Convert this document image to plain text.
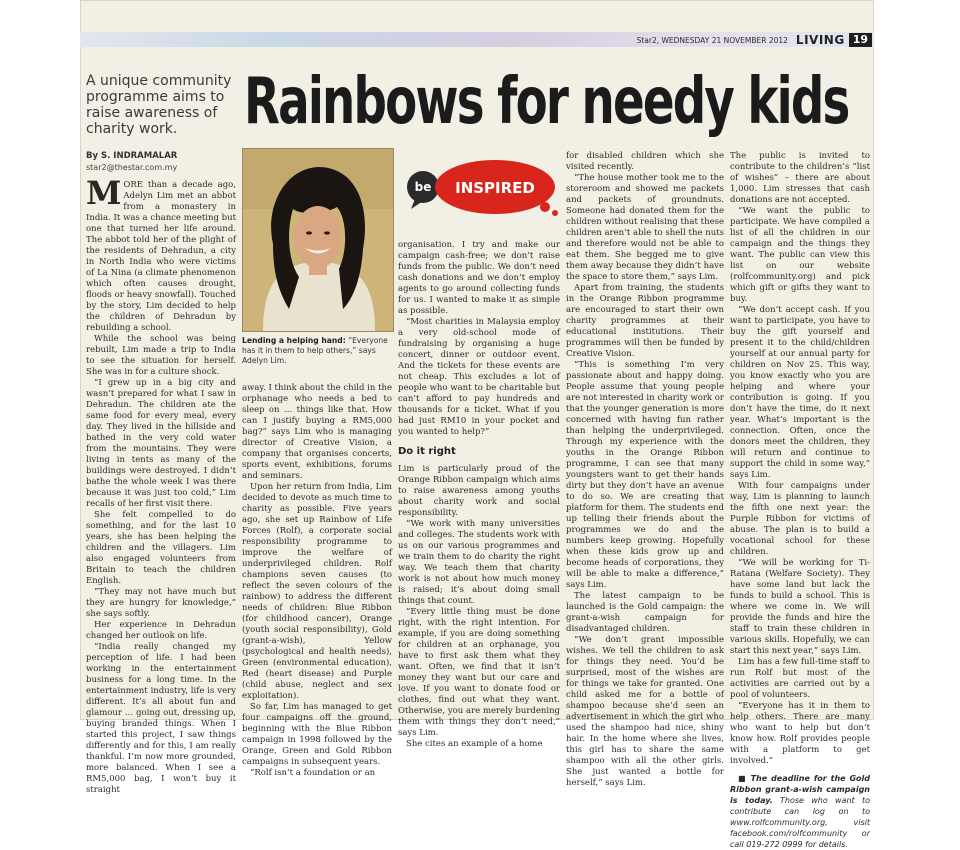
Star2, WEDNESDAY 21 NOVEMBER 2012 LIVING 19
A unique community programme aims to raise awareness of charity work.	Rainbows for needy kids
By S. INDRAMALAR
star2@thestar.com.my

MORE than a decade ago, Adelyn Lim met an abbot from a monastery in India. It was a chance meeting but one that turned her life around. The abbot told her of the plight of the residents of Dehradun, a city in North India who were victims of La Nina (a climate phenomenon which often causes drought, floods or heavy snowfall). Touched by the story, Lim decided to help the children of Dehradun by rebuilding a school.

While the school was being rebuilt, Lim made a trip to India to see the situation for herself. She was in for a culture shock.

“I grew up in a big city and wasn’t prepared for what I saw in Dehradun. The children ate the same food for every meal, every day. They lived in the hillside and bathed in the very cold water from the mountains. They were living in tents as many of the buildings were destroyed. I didn’t bathe the whole week I was there because it was just too cold,” Lim recalls of her first visit there.

She felt compelled to do something, and for the last 10 years, she has been helping the children and the villagers. Lim also engaged volunteers from Britain to teach the children English.

“They may not have much but they are hungry for knowledge,” she says softly.

Her experience in Dehradun changed her outlook on life.

“India really changed my perception of life. I had been working in the entertainment business for a long time. In the entertainment industry, life is very different. It’s all about fun and glamour … going out, dressing up, buying branded things. When I started this project, I saw things differently and for this, I am really thankful. I’m now more grounded, more balanced. When I see a RM5,000 bag, I won’t buy it straight

Lending a helping hand: “Everyone has it in them to help others,” says Adelyn Lim.
be INSPIRED

away. I think about the child in the orphanage who needs a bed to sleep on … things like that. How can I justify buying a RM5,000 bag?” says Lim who is managing director of Creative Vision, a company that organises concerts, sports event, exhibitions, forums and seminars.

Upon her return from India, Lim decided to devote as much time to charity as possible. Five years ago, she set up Rainbow of Life Forces (Rolf), a corporate social responsibility programme to improve the welfare of underprivileged children. Rolf champions seven causes (to reflect the seven colours of the rainbow) to address the different needs of children: Blue Ribbon (for childhood cancer), Orange (youth social responsibility), Gold (grant-a-wish), Yellow (psychological and health needs), Green (environmental education), Red (heart disease) and Purple (child abuse, neglect and sex exploitation).

So far, Lim has managed to get four campaigns off the ground, beginning with the Blue Ribbon campaign in 1998 followed by the Orange, Green and Gold Ribbon campaigns in subsequent years.

“Rolf isn’t a foundation or an

organisation. I try and make our campaign cash-free; we don’t raise funds from the public. We don’t need cash donations and we don’t employ agents to go around collecting funds for us. I wanted to make it as simple as possible.

“Most charities in Malaysia employ a very old-school mode of fundraising by organising a huge concert, dinner or outdoor event. And the tickets for these events are not cheap. This excludes a lot of people who want to be charitable but can’t afford to pay hundreds and thousands for a ticket. What if you had just RM10 in your pocket and you wanted to help?”

Do it right

Lim is particularly proud of the Orange Ribbon campaign which aims to raise awareness among youths about charity work and social responsibility.

“We work with many universities and colleges. The students work with us on our various programmes and we train them to do charity the right way. We teach them that charity work is not about how much money is raised; it’s about doing small things that count.

“Every little thing must be done right, with the right intention. For example, if you are doing something for children at an orphanage, you have to first ask them what they want. Often, we find that it isn’t money they want but our care and love. If you want to donate food or clothes, find out what they want. Otherwise, you are merely burdening them with things they don’t need,” says Lim.

She cites an example of a home

for disabled children which she visited recently.

“The house mother took me to the storeroom and showed me packets and packets of groundnuts. Someone had donated them for the children without realising that these children aren’t able to shell the nuts and therefore would not be able to eat them. She begged me to give them away because they didn’t have the space to store them,” says Lim.

Apart from training, the students in the Orange Ribbon programme are encouraged to start their own charity programmes at their educational institutions. Their programmes will then be funded by Creative Vision.

“This is something I’m very passionate about and happy doing. People assume that young people are not interested in charity work or that the younger generation is more concerned with having fun rather than helping the underprivileged. Through my experience with the youths in the Orange Ribbon programme, I can see that many youngsters want to get their hands dirty but they don’t have an avenue to do so. We are creating that platform for them. The students end up telling their friends about the programmes we do and the numbers keep growing. Hopefully when these kids grow up and become heads of corporations, they will be able to make a difference,” says Lim.

The latest campaign to be launched is the Gold campaign: the grant-a-wish campaign for disadvantaged children.

“We don’t grant impossible wishes. We tell the children to ask for things they need. You’d be surprised, most of the wishes are for things we take for granted. One child asked me for a bottle of shampoo because she’d seen an advertisement in which the girl who used the shampoo had nice, shiny hair. In the home where she lives, this girl has to share the same shampoo with all the other girls. She just wanted a bottle for herself,” says Lim.

The public is invited to contribute to the children’s “list of wishes” – there are about 1,000. Lim stresses that cash donations are not accepted.

“We want the public to participate. We have compiled a list of all the children in our campaign and the things they want. The public can view this list on our website (rolfcommunity.org) and pick which gift or gifts they want to buy.

“We don’t accept cash. If you want to participate, you have to buy the gift yourself and present it to the child/children yourself at our annual party for children on Nov 25. This way, you know exactly who you are helping and where your contribution is going. If you don’t have the time, do it next year. What’s important is the connection. Often, once the donors meet the children, they will return and continue to support the child in some way,” says Lim.

With four campaigns under way, Lim is planning to launch the fifth one next year: the Purple Ribbon for victims of abuse. The plan is to build a vocational school for these children.

“We will be working for Ti-Ratana (Welfare Society). They have some land but lack the funds to build a school. This is where we come in. We will provide the funds and hire the staff to train these children in various skills. Hopefully, we can start this next year,” says Lim.

Lim has a few full-time staff to run Rolf but most of the activities are carried out by a pool of volunteers.

“Everyone has it in them to help others. There are many who want to help but don’t know how. Rolf provides people with a platform to get involved.”

■ The deadline for the Gold Ribbon grant-a-wish campaign is today. Those who want to contribute can log on to www.rolfcommunity.org, visit facebook.com/rolfcommunity or call 019-272 0999 for details.
